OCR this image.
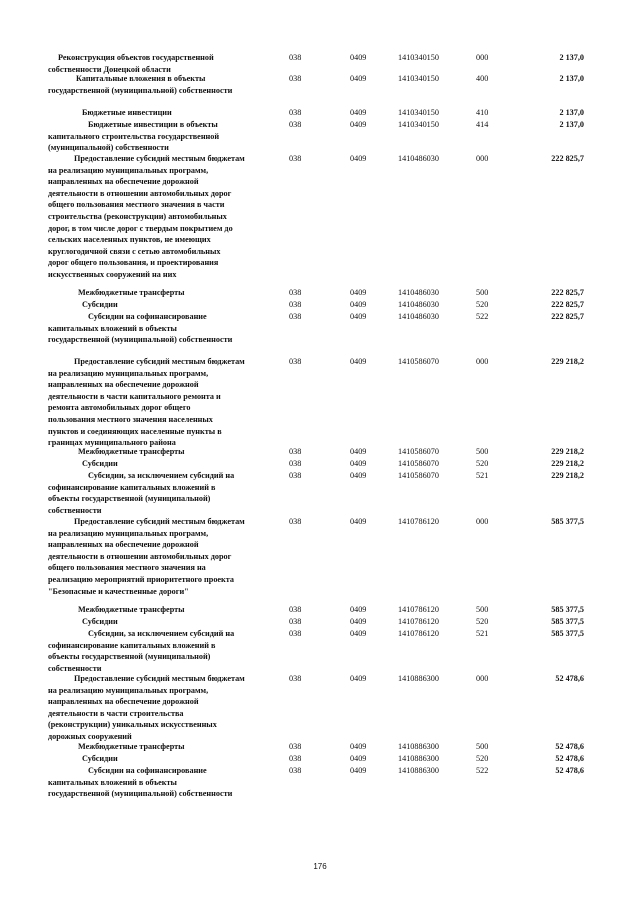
Реконструкция объектов государственной
собственности Донецкой области
038	0409	1410340150	000	2 137,0
Капитальные вложения в объекты
государственной (муниципальной) собственности
038	0409	1410340150	400	2 137,0
Бюджетные инвестиции	038	0409	1410340150	410	2 137,0
Бюджетные инвестиции в объекты
капитального строительства государственной
(муниципальной) собственности
038	0409	1410340150	414	2 137,0
Предоставление субсидий местным бюджетам
на реализацию муниципальных программ,
направленных на обеспечение дорожной
деятельности в отношении автомобильных дорог
общего пользования местного значения в части
строительства (реконструкции) автомобильных
дорог, в том числе дорог с твердым покрытием до
сельских населенных пунктов, не имеющих
круглогодичной связи с сетью автомобильных
дорог общего пользования, и проектирования
искусственных сооружений на них
038	0409	1410486030	000	222 825,7
Межбюджетные трансферты	038	0409	1410486030	500	222 825,7
Субсидии	038	0409	1410486030	520	222 825,7
Субсидии на софинансирование
капитальных вложений в объекты
государственной (муниципальной) собственности
038	0409	1410486030	522	222 825,7
Предоставление субсидий местным бюджетам
на реализацию муниципальных программ,
направленных на обеспечение дорожной
деятельности в части капитального ремонта и
ремонта автомобильных дорог общего
пользования местного значения населенных
пунктов и соединяющих населенные пункты в
границах муниципального района
038	0409	1410586070	000	229 218,2
Межбюджетные трансферты	038	0409	1410586070	500	229 218,2
Субсидии	038	0409	1410586070	520	229 218,2
Субсидии, за исключением субсидий на
софинансирование капитальных вложений в
объекты государственной (муниципальной)
собственности
038	0409	1410586070	521	229 218,2
Предоставление субсидий местным бюджетам
на реализацию муниципальных программ,
направленных на обеспечение дорожной
деятельности в отношении автомобильных дорог
общего пользования местного значения на
реализацию мероприятий приоритетного проекта
"Безопасные и качественные дороги"
038	0409	1410786120	000	585 377,5
Межбюджетные трансферты	038	0409	1410786120	500	585 377,5
Субсидии	038	0409	1410786120	520	585 377,5
Субсидии, за исключением субсидий на
софинансирование капитальных вложений в
объекты государственной (муниципальной)
собственности
038	0409	1410786120	521	585 377,5
Предоставление субсидий местным бюджетам
на реализацию муниципальных программ,
направленных на обеспечение дорожной
деятельности в части строительства
(реконструкции) уникальных искусственных
дорожных сооружений
038	0409	1410886300	000	52 478,6
Межбюджетные трансферты	038	0409	1410886300	500	52 478,6
Субсидии	038	0409	1410886300	520	52 478,6
Субсидии на софинансирование
капитальных вложений в объекты
государственной (муниципальной) собственности
038	0409	1410886300	522	52 478,6
176
